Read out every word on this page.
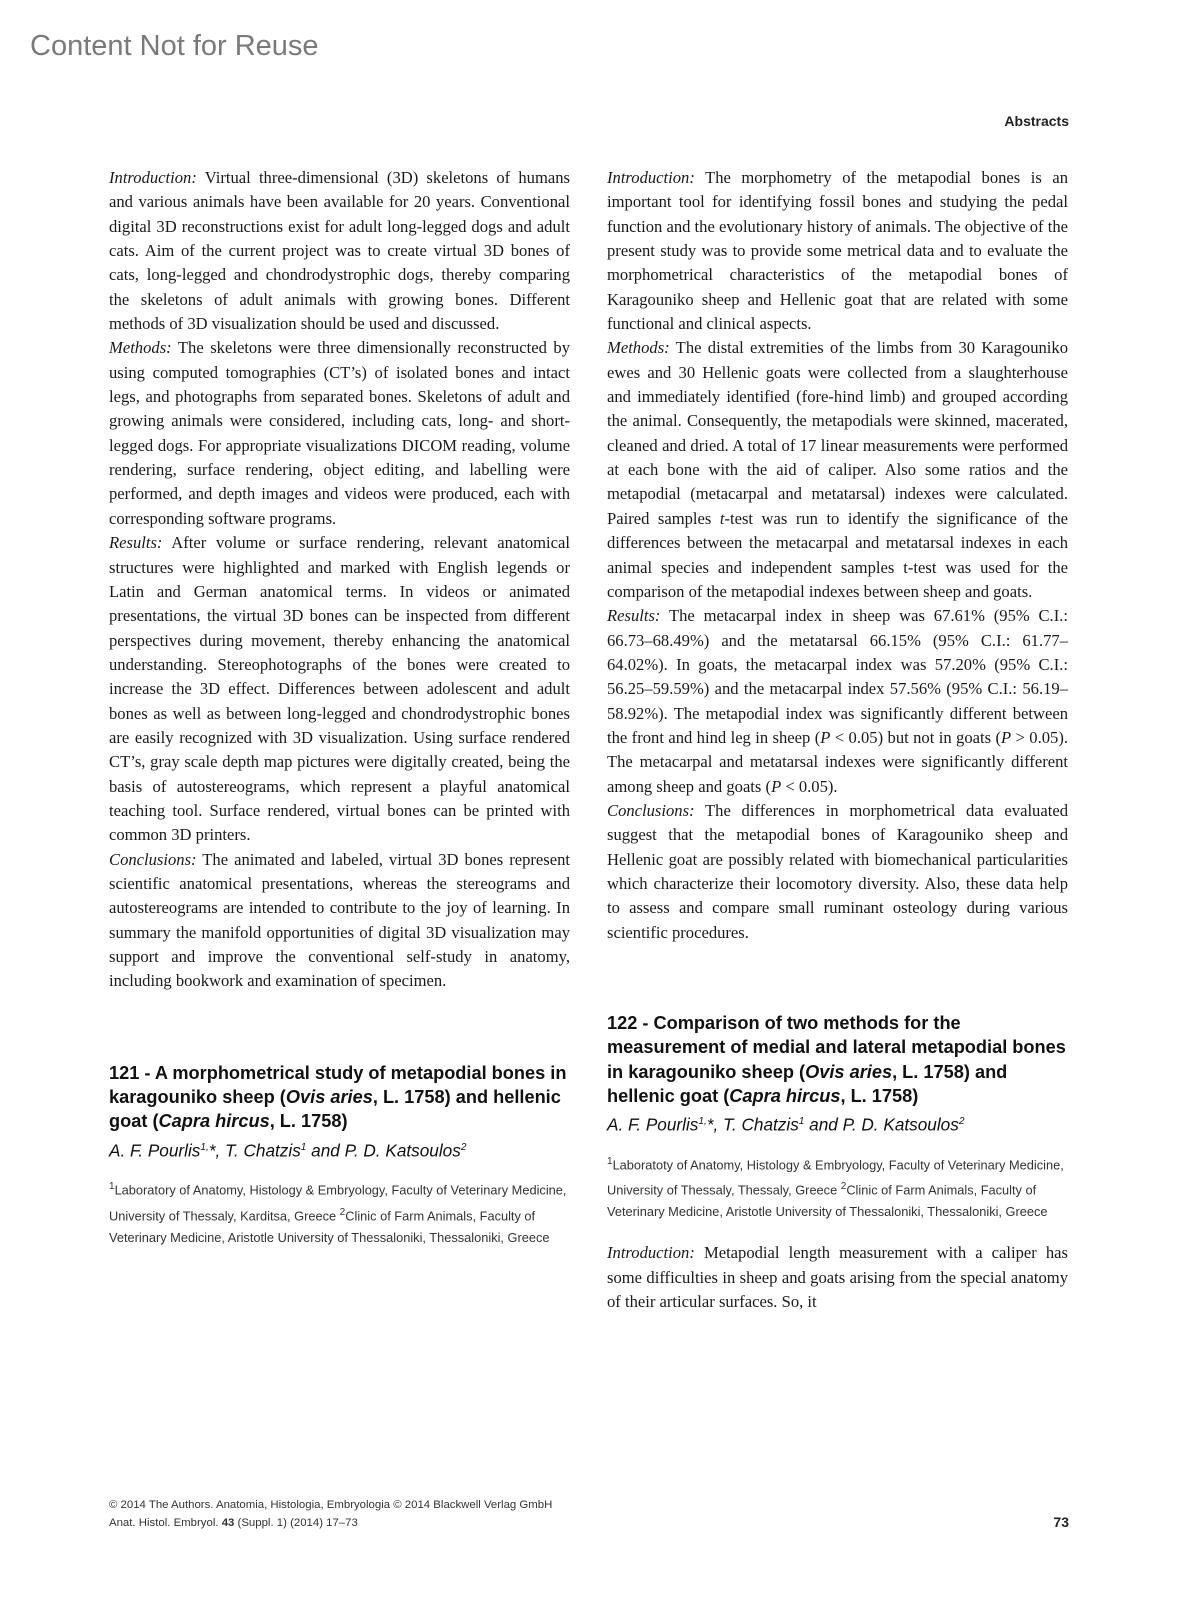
Content Not for Reuse
Abstracts

Introduction: Virtual three-dimensional (3D) skeletons of humans and various animals have been available for 20 years. Conventional digital 3D reconstructions exist for adult long-legged dogs and adult cats. Aim of the current project was to create virtual 3D bones of cats, long-legged and chondrodystrophic dogs, thereby comparing the skeletons of adult animals with growing bones. Different methods of 3D visualization should be used and discussed.
Methods: The skeletons were three dimensionally reconstructed by using computed tomographies (CT’s) of isolated bones and intact legs, and photographs from separated bones. Skeletons of adult and growing animals were considered, including cats, long- and short-legged dogs. For appropriate visualizations DICOM reading, volume rendering, surface rendering, object editing, and labelling were performed, and depth images and videos were produced, each with corresponding software programs.
Results: After volume or surface rendering, relevant anatomical structures were highlighted and marked with English legends or Latin and German anatomical terms. In videos or animated presentations, the virtual 3D bones can be inspected from different perspectives during movement, thereby enhancing the anatomical understanding. Stereophotographs of the bones were created to increase the 3D effect. Differences between adolescent and adult bones as well as between long-legged and chondrodystrophic bones are easily recognized with 3D visualization. Using surface rendered CT’s, gray scale depth map pictures were digitally created, being the basis of autostereograms, which represent a playful anatomical teaching tool. Surface rendered, virtual bones can be printed with common 3D printers.
Conclusions: The animated and labeled, virtual 3D bones represent scientific anatomical presentations, whereas the stereograms and autostereograms are intended to contribute to the joy of learning. In summary the manifold opportunities of digital 3D visualization may support and improve the conventional self-study in anatomy, including bookwork and examination of specimen.

121 - A morphometrical study of metapodial bones in karagouniko sheep (Ovis aries, L. 1758) and hellenic goat (Capra hircus, L. 1758)

A. F. Pourlis$^{1,}$*, T. Chatzis$^1$ and P. D. Katsoulos$^2$

$^1$Laboratory of Anatomy, Histology & Embryology, Faculty of Veterinary Medicine, University of Thessaly, Karditsa, Greece $^2$Clinic of Farm Animals, Faculty of Veterinary Medicine, Aristotle University of Thessaloniki, Thessaloniki, Greece

Introduction: The morphometry of the metapodial bones is an important tool for identifying fossil bones and studying the pedal function and the evolutionary history of animals. The objective of the present study was to provide some metrical data and to evaluate the morphometrical characteristics of the metapodial bones of Karagouniko sheep and Hellenic goat that are related with some functional and clinical aspects.
Methods: The distal extremities of the limbs from 30 Karagouniko ewes and 30 Hellenic goats were collected from a slaughterhouse and immediately identified (fore-hind limb) and grouped according the animal. Consequently, the metapodials were skinned, macerated, cleaned and dried. A total of 17 linear measurements were performed at each bone with the aid of caliper. Also some ratios and the metapodial (metacarpal and metatarsal) indexes were calculated. Paired samples t-test was run to identify the significance of the differences between the metacarpal and metatarsal indexes in each animal species and independent samples t-test was used for the comparison of the metapodial indexes between sheep and goats.
Results: The metacarpal index in sheep was 67.61% (95% C.I.: 66.73–68.49%) and the metatarsal 66.15% (95% C.I.: 61.77–64.02%). In goats, the metacarpal index was 57.20% (95% C.I.: 56.25–59.59%) and the metacarpal index 57.56% (95% C.I.: 56.19–58.92%). The metapodial index was significantly different between the front and hind leg in sheep (P < 0.05) but not in goats (P > 0.05). The metacarpal and metatarsal indexes were significantly different among sheep and goats (P < 0.05).
Conclusions: The differences in morphometrical data evaluated suggest that the metapodial bones of Karagouniko sheep and Hellenic goat are possibly related with biomechanical particularities which characterize their locomotory diversity. Also, these data help to assess and compare small ruminant osteology during various scientific procedures.

122 - Comparison of two methods for the measurement of medial and lateral metapodial bones in karagouniko sheep (Ovis aries, L. 1758) and hellenic goat (Capra hircus, L. 1758)

A. F. Pourlis$^{1,}$*, T. Chatzis$^1$ and P. D. Katsoulos$^2$

$^1$Laboratoty of Anatomy, Histology & Embryology, Faculty of Veterinary Medicine, University of Thessaly, Thessaly, Greece $^2$Clinic of Farm Animals, Faculty of Veterinary Medicine, Aristotle University of Thessaloniki, Thessaloniki, Greece

Introduction: Metapodial length measurement with a caliper has some difficulties in sheep and goats arising from the special anatomy of their articular surfaces. So, it

© 2014 The Authors. Anatomia, Histologia, Embryologia © 2014 Blackwell Verlag GmbH
Anat. Histol. Embryol. 43 (Suppl. 1) (2014) 17–73	73
